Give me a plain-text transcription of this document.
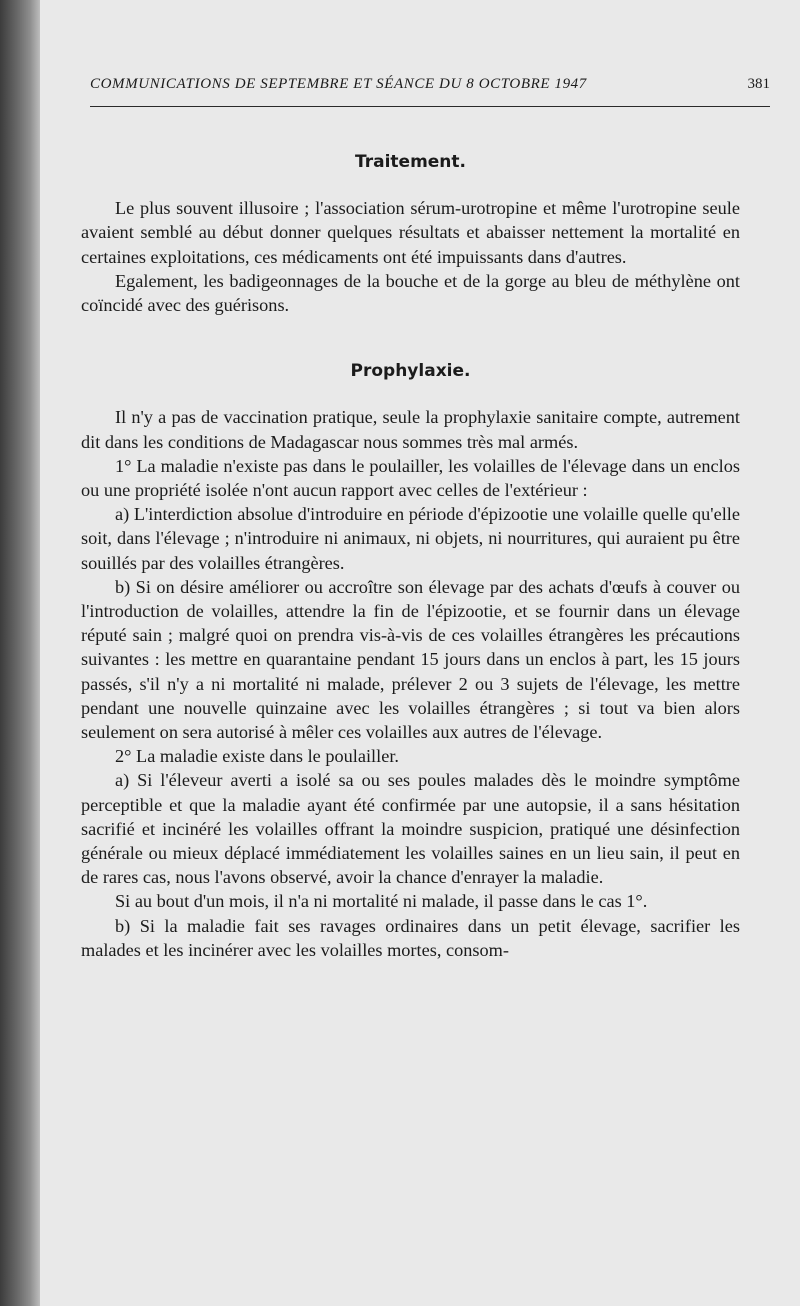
COMMUNICATIONS DE SEPTEMBRE ET SÉANCE DU 8 OCTOBRE 1947	381
Traitement.

Le plus souvent illusoire ; l'association sérum-urotropine et même l'urotropine seule avaient semblé au début donner quelques résultats et abaisser nettement la mortalité en certaines exploitations, ces médicaments ont été impuissants dans d'autres.

Egalement, les badigeonnages de la bouche et de la gorge au bleu de méthylène ont coïncidé avec des guérisons.

Prophylaxie.

Il n'y a pas de vaccination pratique, seule la prophylaxie sanitaire compte, autrement dit dans les conditions de Madagascar nous sommes très mal armés.

1° La maladie n'existe pas dans le poulailler, les volailles de l'élevage dans un enclos ou une propriété isolée n'ont aucun rapport avec celles de l'extérieur :

a) L'interdiction absolue d'introduire en période d'épizootie une volaille quelle qu'elle soit, dans l'élevage ; n'introduire ni animaux, ni objets, ni nourritures, qui auraient pu être souillés par des volailles étrangères.

b) Si on désire améliorer ou accroître son élevage par des achats d'œufs à couver ou l'introduction de volailles, attendre la fin de l'épizootie, et se fournir dans un élevage réputé sain ; malgré quoi on prendra vis-à-vis de ces volailles étrangères les précautions suivantes : les mettre en quarantaine pendant 15 jours dans un enclos à part, les 15 jours passés, s'il n'y a ni mortalité ni malade, prélever 2 ou 3 sujets de l'élevage, les mettre pendant une nouvelle quinzaine avec les volailles étrangères ; si tout va bien alors seulement on sera autorisé à mêler ces volailles aux autres de l'élevage.

2° La maladie existe dans le poulailler.

a) Si l'éleveur averti a isolé sa ou ses poules malades dès le moindre symptôme perceptible et que la maladie ayant été confirmée par une autopsie, il a sans hésitation sacrifié et incinéré les volailles offrant la moindre suspicion, pratiqué une désinfection générale ou mieux déplacé immédiatement les volailles saines en un lieu sain, il peut en de rares cas, nous l'avons observé, avoir la chance d'enrayer la maladie.

Si au bout d'un mois, il n'a ni mortalité ni malade, il passe dans le cas 1°.

b) Si la maladie fait ses ravages ordinaires dans un petit élevage, sacrifier les malades et les incinérer avec les volailles mortes, consom-
